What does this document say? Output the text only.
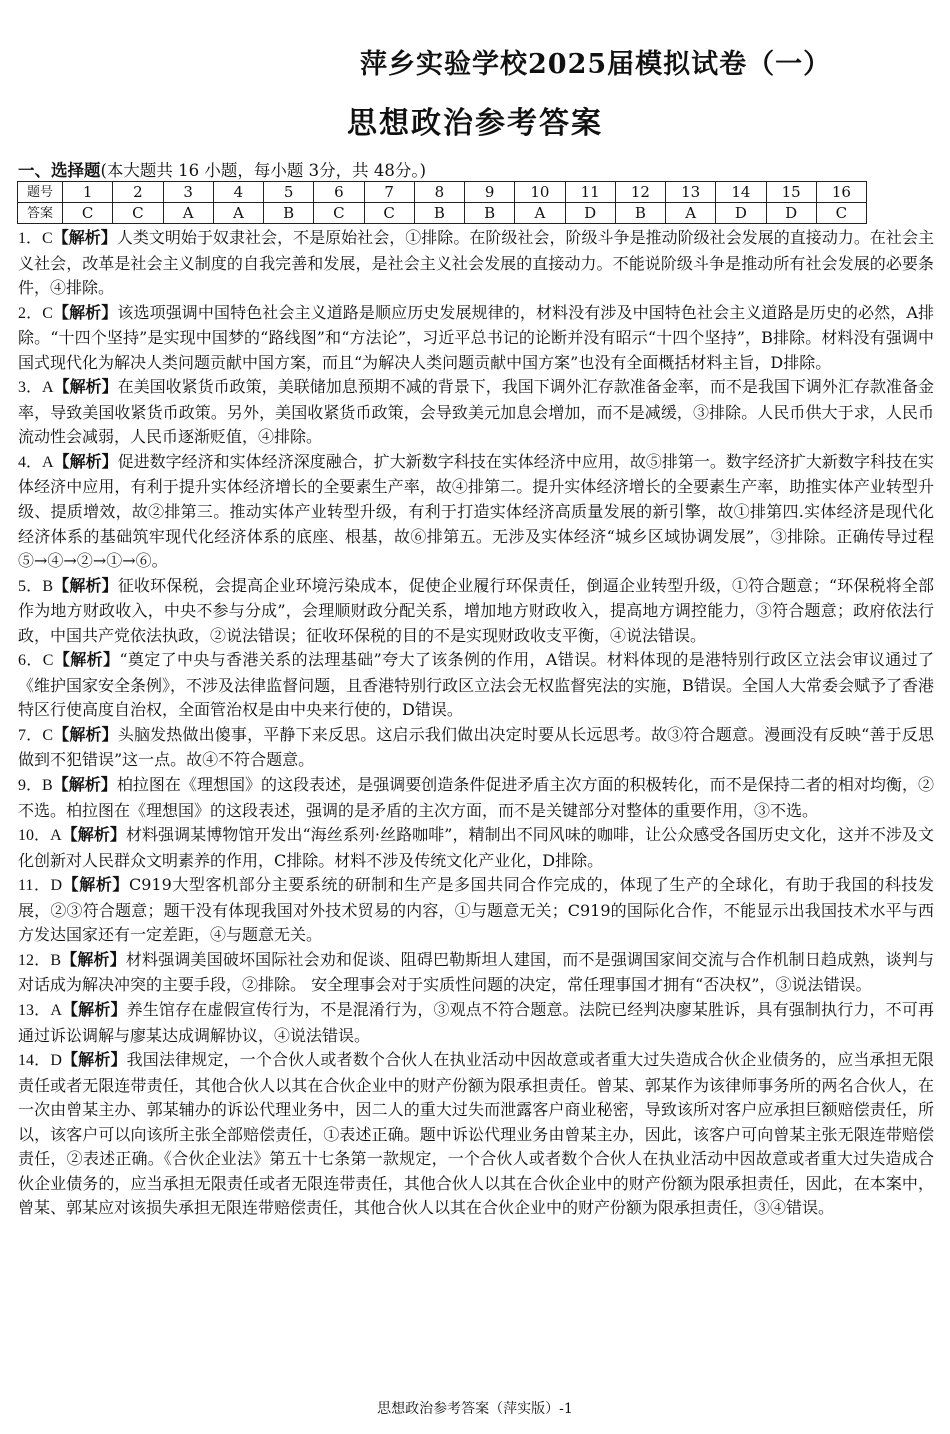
萍乡实验学校2025届模拟试卷（一）
思想政治参考答案
一、选择题(本大题共 16 小题，每小题 3分，共 48分。)
题号	1	2	3	4	5	6	7	8	9	10	11	12	13	14	15	16
答案	C	C	A	A	B	C	C	B	B	A	D	B	A	D	D	C

1．C【解析】人类文明始于奴隶社会，不是原始社会，①排除。在阶级社会，阶级斗争是推动阶级社会发展的直接动力。在社会主义社会，改革是社会主义制度的自我完善和发展，是社会主义社会发展的直接动力。不能说阶级斗争是推动所有社会发展的必要条件，④排除。

2．C【解析】该选项强调中国特色社会主义道路是顺应历史发展规律的，材料没有涉及中国特色社会主义道路是历史的必然，A排除。“十四个坚持”是实现中国梦的“路线图”和“方法论”，习近平总书记的论断并没有昭示“十四个坚持”，B排除。材料没有强调中国式现代化为解决人类问题贡献中国方案，而且“为解决人类问题贡献中国方案”也没有全面概括材料主旨，D排除。

3．A【解析】在美国收紧货币政策，美联储加息预期不减的背景下，我国下调外汇存款准备金率，而不是我国下调外汇存款准备金率，导致美国收紧货币政策。另外，美国收紧货币政策，会导致美元加息会增加，而不是减缓，③排除。人民币供大于求，人民币流动性会减弱，人民币逐渐贬值，④排除。

4．A【解析】促进数字经济和实体经济深度融合，扩大新数字科技在实体经济中应用，故⑤排第一。数字经济扩大新数字科技在实体经济中应用，有利于提升实体经济增长的全要素生产率，故④排第二。提升实体经济增长的全要素生产率，助推实体产业转型升级、提质增效，故②排第三。推动实体产业转型升级，有利于打造实体经济高质量发展的新引擎，故①排第四.实体经济是现代化经济体系的基础筑牢现代化经济体系的底座、根基，故⑥排第五。无涉及实体经济“城乡区域协调发展”，③排除。正确传导过程⑤→④→②→①→⑥。

5．B【解析】征收环保税，会提高企业环境污染成本，促使企业履行环保责任，倒逼企业转型升级，①符合题意；“环保税将全部作为地方财政收入，中央不参与分成”，会理顺财政分配关系，增加地方财政收入，提高地方调控能力，③符合题意；政府依法行政，中国共产党依法执政，②说法错误；征收环保税的目的不是实现财政收支平衡，④说法错误。

6．C【解析】“奠定了中央与香港关系的法理基础”夸大了该条例的作用，A错误。材料体现的是港特别行政区立法会审议通过了《维护国家安全条例》，不涉及法律监督问题，且香港特别行政区立法会无权监督宪法的实施，B错误。全国人大常委会赋予了香港特区行使高度自治权，全面管治权是由中央来行使的，D错误。

7．C【解析】头脑发热做出傻事，平静下来反思。这启示我们做出决定时要从长远思考。故③符合题意。漫画没有反映“善于反思做到不犯错误”这一点。故④不符合题意。

9．B【解析】柏拉图在《理想国》的这段表述，是强调要创造条件促进矛盾主次方面的积极转化，而不是保持二者的相对均衡，②不选。柏拉图在《理想国》的这段表述，强调的是矛盾的主次方面，而不是关键部分对整体的重要作用，③不选。

10．A【解析】材料强调某博物馆开发出“海丝系列·丝路咖啡”，精制出不同风味的咖啡，让公众感受各国历史文化，这并不涉及文化创新对人民群众文明素养的作用，C排除。材料不涉及传统文化产业化，D排除。

11．D【解析】C919大型客机部分主要系统的研制和生产是多国共同合作完成的，体现了生产的全球化，有助于我国的科技发展，②③符合题意；题干没有体现我国对外技术贸易的内容，①与题意无关；C919的国际化合作，不能显示出我国技术水平与西方发达国家还有一定差距，④与题意无关。

12．B【解析】材料强调美国破坏国际社会劝和促谈、阻碍巴勒斯坦人建国，而不是强调国家间交流与合作机制日趋成熟，谈判与对话成为解决冲突的主要手段，②排除。 安全理事会对于实质性问题的决定，常任理事国才拥有“否决权”，③说法错误。

13．A【解析】养生馆存在虚假宣传行为，不是混淆行为，③观点不符合题意。法院已经判决廖某胜诉，具有强制执行力，不可再通过诉讼调解与廖某达成调解协议，④说法错误。

14．D【解析】我国法律规定，一个合伙人或者数个合伙人在执业活动中因故意或者重大过失造成合伙企业债务的，应当承担无限责任或者无限连带责任，其他合伙人以其在合伙企业中的财产份额为限承担责任。曾某、郭某作为该律师事务所的两名合伙人，在一次由曾某主办、郭某辅办的诉讼代理业务中，因二人的重大过失而泄露客户商业秘密，导致该所对客户应承担巨额赔偿责任，所以，该客户可以向该所主张全部赔偿责任，①表述正确。题中诉讼代理业务由曾某主办，因此，该客户可向曾某主张无限连带赔偿责任，②表述正确。《合伙企业法》第五十七条第一款规定，一个合伙人或者数个合伙人在执业活动中因故意或者重大过失造成合伙企业债务的，应当承担无限责任或者无限连带责任，其他合伙人以其在合伙企业中的财产份额为限承担责任，因此，在本案中，曾某、郭某应对该损失承担无限连带赔偿责任，其他合伙人以其在合伙企业中的财产份额为限承担责任，③④错误。

思想政治参考答案（萍实版）-1
